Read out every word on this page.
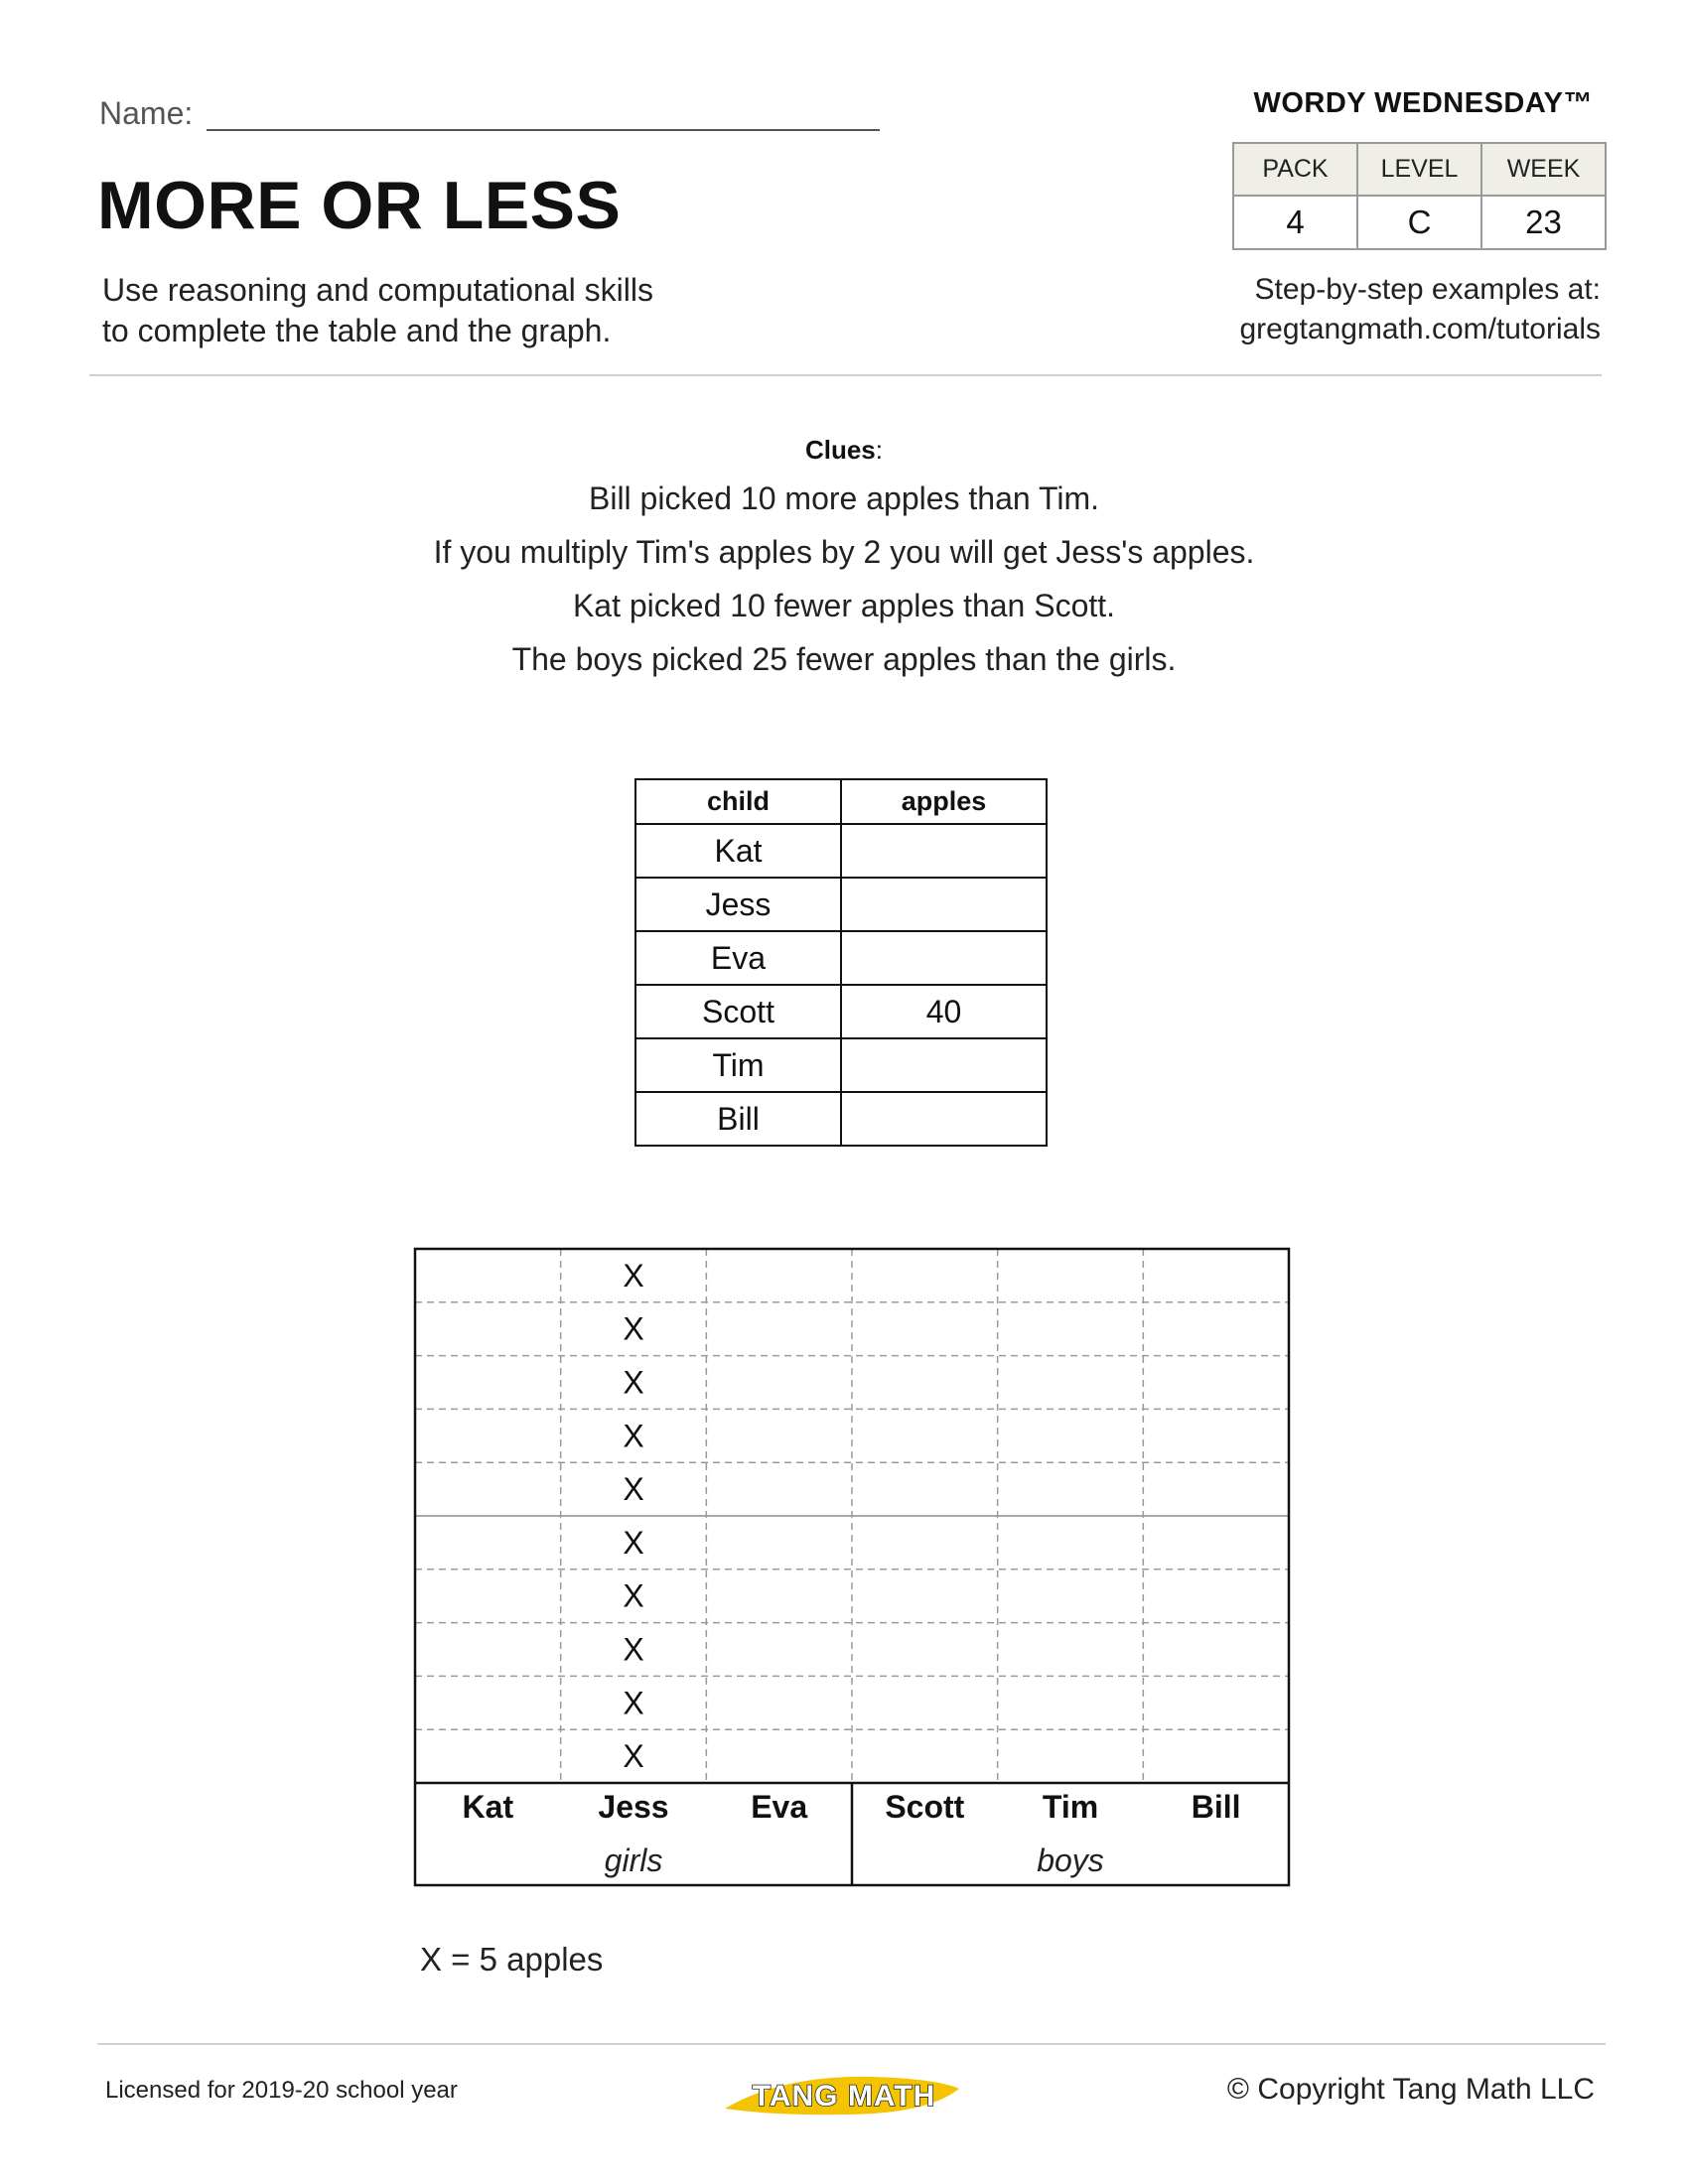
Name:
MORE OR LESS
Use reasoning and computational skills
to complete the table and the graph.
WORDY WEDNESDAY™
PACK	LEVEL	WEEK
4	C	23
Step-by-step examples at:
gregtangmath.com/tutorials
Clues:
Bill picked 10 more apples than Tim.
If you multiply Tim's apples by 2 you will get Jess's apples.
Kat picked 10 fewer apples than Scott.
The boys picked 25 fewer apples than the girls.
child	apples
Kat	
Jess	
Eva	
Scott	40
Tim	
Bill	
girls	boys
Kat	Jess	Eva Scott Tim	Bill
X
X
X
X
X
X
X
X
X
X
X = 5 apples
Licensed for 2019-20 school year	TANG MATH	© Copyright Tang Math LLC
